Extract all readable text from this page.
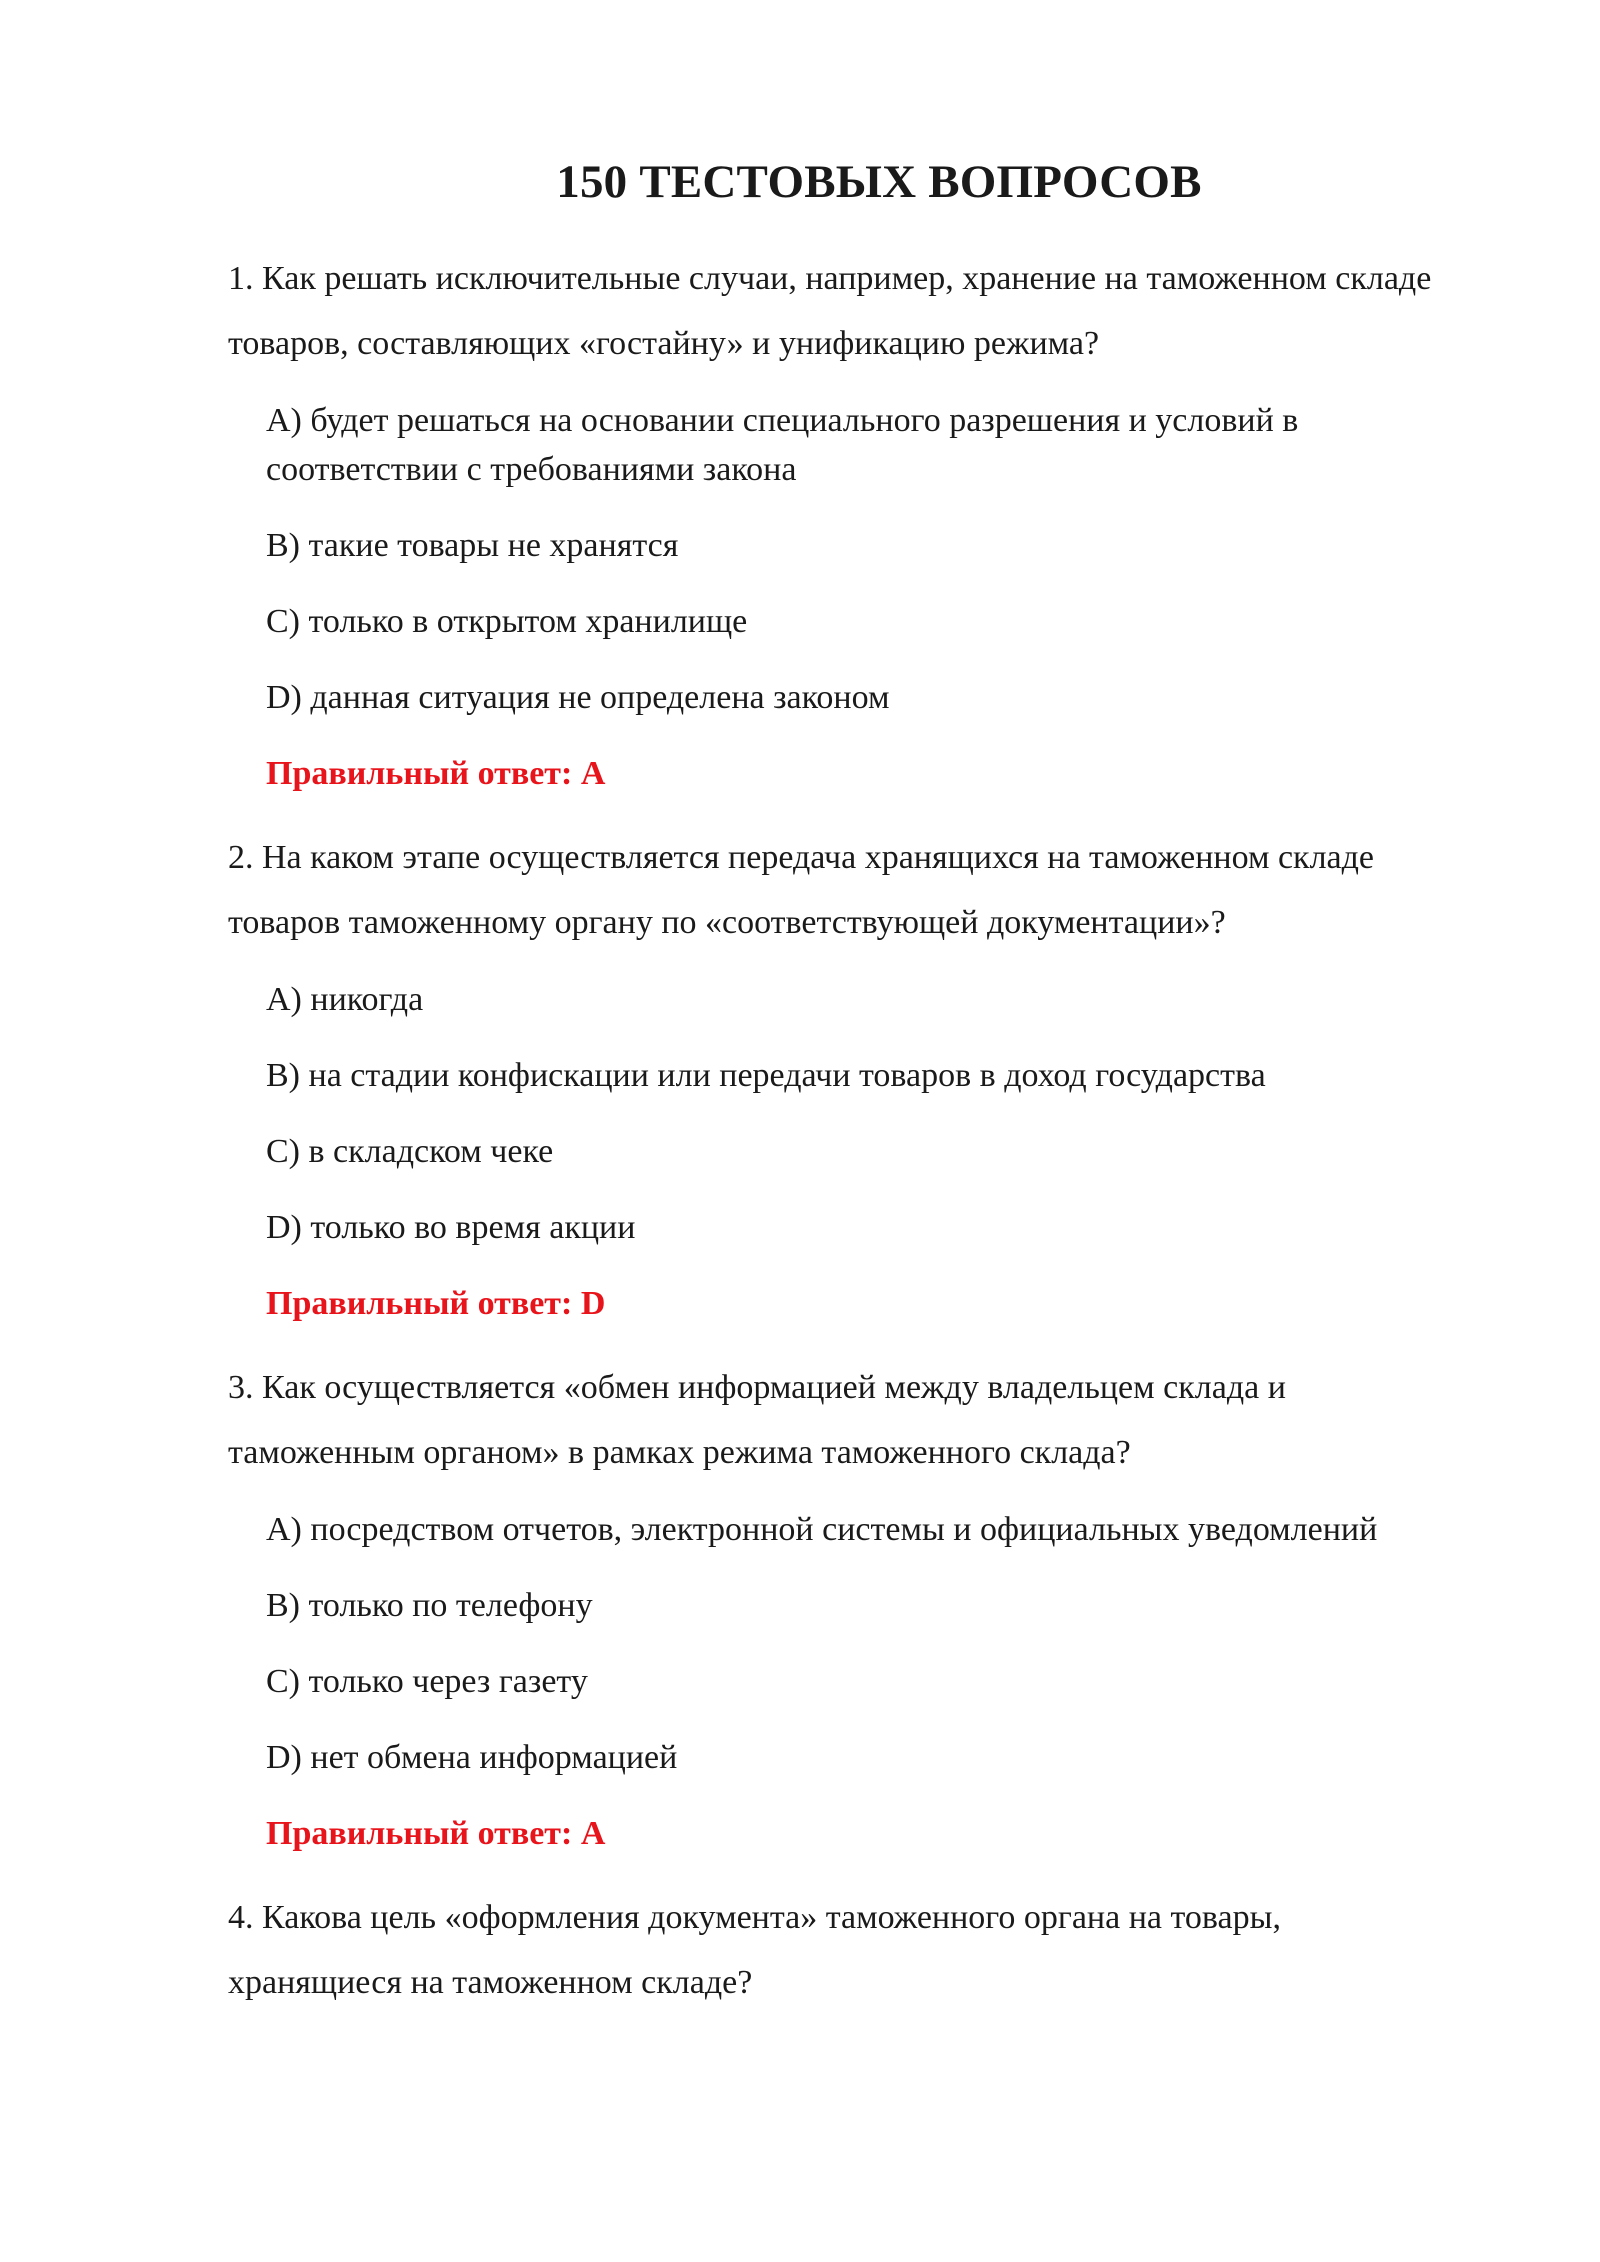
150 ТЕСТОВЫХ ВОПРОСОВ

1. Как решать исключительные случаи, например, хранение на таможенном складе товаров, составляющих «гостайну» и унификацию режима?

A) будет решаться на основании специального разрешения и условий в соответствии с требованиями закона
B) такие товары не хранятся
C) только в открытом хранилище
D) данная ситуация не определена законом

Правильный ответ: A

2. На каком этапе осуществляется передача хранящихся на таможенном складе товаров таможенному органу по «соответствующей документации»?

A) никогда
B) на стадии конфискации или передачи товаров в доход государства
C) в складском чеке
D) только во время акции

Правильный ответ: D

3. Как осуществляется «обмен информацией между владельцем склада и таможенным органом» в рамках режима таможенного склада?

A) посредством отчетов, электронной системы и официальных уведомлений
B) только по телефону
C) только через газету
D) нет обмена информацией

Правильный ответ: A

4. Какова цель «оформления документа» таможенного органа на товары, хранящиеся на таможенном складе?
